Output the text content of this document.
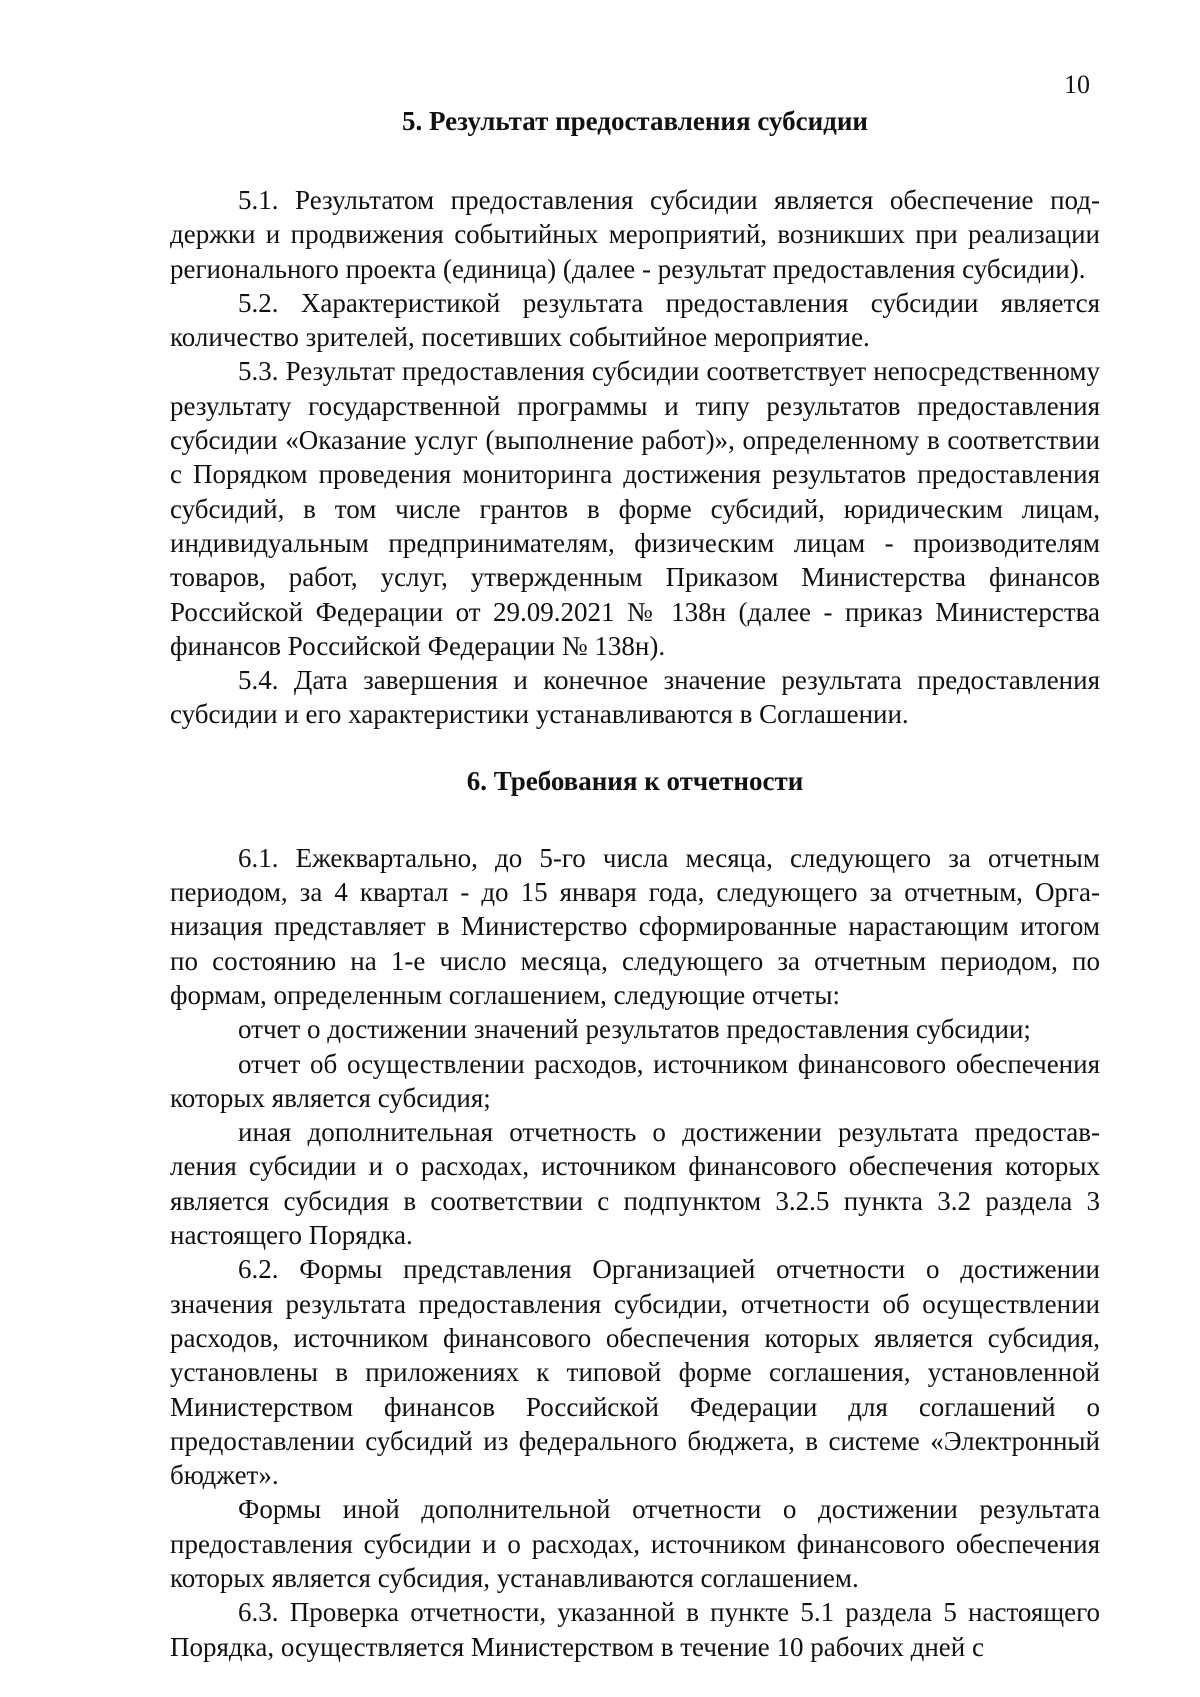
10
5. Результат предоставления субсидии

5.1. Результатом предоставления субсидии является обеспечение поддержки и продвижения событийных мероприятий, возникших при реализации регионального проекта (единица) (далее - результат предоставления субсидии).

5.2. Характеристикой результата предоставления субсидии является количество зрителей, посетивших событийное мероприятие.

5.3. Результат предоставления субсидии соответствует непосредственному результату государственной программы и типу результатов предоставления субсидии «Оказание услуг (выполнение работ)», определенному в соответствии с Порядком проведения мониторинга достижения результатов предоставления субсидий, в том числе грантов в форме субсидий, юридическим лицам, индивидуальным предпринимателям, физическим лицам - производителям товаров, работ, услуг, утвержденным Приказом Министерства финансов Российской Федерации от 29.09.2021 № 138н (далее - приказ Министерства финансов Российской Федерации № 138н).

5.4. Дата завершения и конечное значение результата предоставления субсидии и его характеристики устанавливаются в Соглашении.

6. Требования к отчетности

6.1. Ежеквартально, до 5-го числа месяца, следующего за отчетным периодом, за 4 квартал - до 15 января года, следующего за отчетным, Организация представляет в Министерство сформированные нарастающим итогом по состоянию на 1-е число месяца, следующего за отчетным периодом, по формам, определенным соглашением, следующие отчеты:

отчет о достижении значений результатов предоставления субсидии;

отчет об осуществлении расходов, источником финансового обеспечения которых является субсидия;

иная дополнительная отчетность о достижении результата предоставления субсидии и о расходах, источником финансового обеспечения которых является субсидия в соответствии с подпунктом 3.2.5 пункта 3.2 раздела 3 настоящего Порядка.

6.2. Формы представления Организацией отчетности о достижении значения результата предоставления субсидии, отчетности об осуществлении расходов, источником финансового обеспечения которых является субсидия, установлены в приложениях к типовой форме соглашения, установленной Министерством финансов Российской Федерации для соглашений о предоставлении субсидий из федерального бюджета, в системе «Электронный бюджет».

Формы иной дополнительной отчетности о достижении результата предоставления субсидии и о расходах, источником финансового обеспечения которых является субсидия, устанавливаются соглашением.

6.3. Проверка отчетности, указанной в пункте 5.1 раздела 5 настоящего Порядка, осуществляется Министерством в течение 10 рабочих дней с
